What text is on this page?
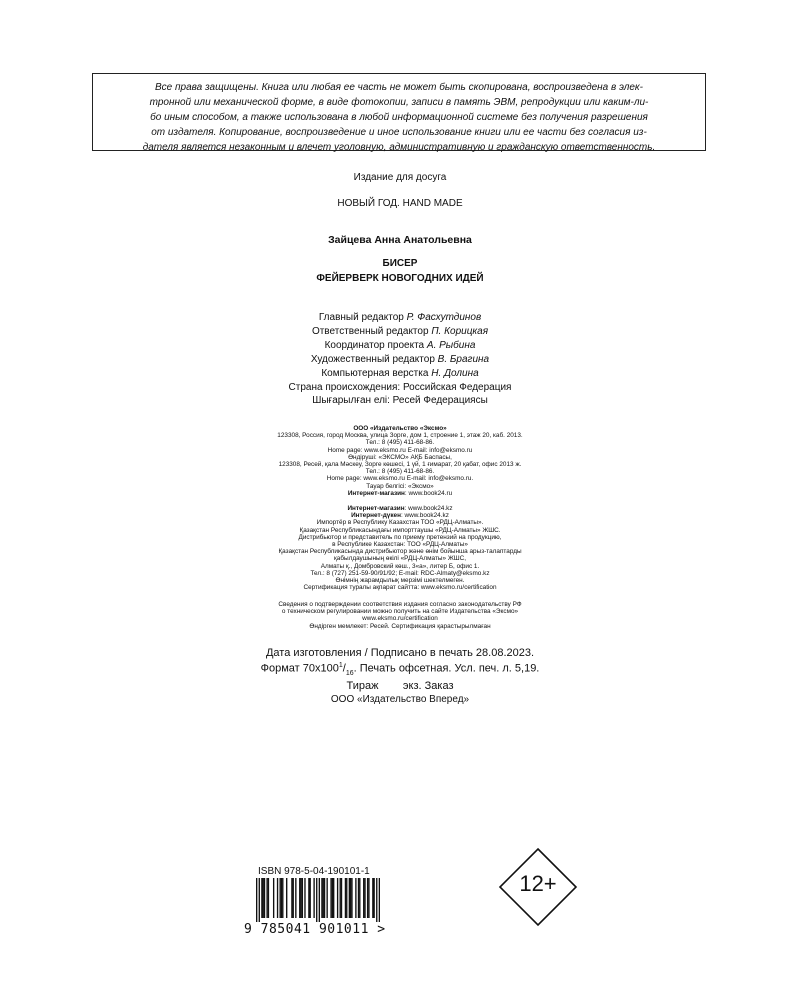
Все права защищены. Книга или любая ее часть не может быть скопирована, воспроизведена в элек-

тронной или механической форме, в виде фотокопии, записи в память ЭВМ, репродукции или каким-ли-

бо иным способом, а также использована в любой информационной системе без получения разрешения

от издателя. Копирование, воспроизведение и иное использование книги или ее части без согласия из-

дателя является незаконным и влечет уголовную, административную и гражданскую ответственность.

Издание для досуга
НОВЫЙ ГОД. HAND MADE
Зайцева Анна Анатольевна
БИСЕР
ФЕЙЕРВЕРК НОВОГОДНИХ ИДЕЙ
Главный редактор Р. Фасхутдинов
Ответственный редактор П. Корицкая
Координатор проекта А. Рыбина
Художественный редактор В. Брагина
Компьютерная верстка Н. Долина
Страна происхождения: Российская Федерация
Шығарылған елі: Ресей Федерациясы
ООО «Издательство «Эксмо»
123308, Россия, город Москва, улица Зорге, дом 1, строение 1, этаж 20, каб. 2013.
Тел.: 8 (495) 411-68-86.
Home page: www.eksmo.ru E-mail: info@eksmo.ru
Өндіруші: «ЭКСМО» АҚБ Баспасы,
123308, Ресей, қала Мәскеу, Зорге көшесі, 1 үй, 1 ғимарат, 20 қабат, офис 2013 ж.
Тел.: 8 (495) 411-68-86.
Home page: www.eksmo.ru E-mail: info@eksmo.ru.
Тауар белгісі: «Эксмо»
Интернет-магазин: www.book24.ru
Интернет-магазин: www.book24.kz
Интернет-дүкен: www.book24.kz
Импортёр в Республику Казахстан ТОО «РДЦ-Алматы».
Қазақстан Республикасындағы импорттаушы «РДЦ-Алматы» ЖШС.
Дистрибьютор и представитель по приему претензий на продукцию,
в Республике Казахстан: ТОО «РДЦ-Алматы»
Қазақстан Республикасында дистрибьютор және өнім бойынша арыз-талаптарды
қабылдаушының өкілі «РДЦ-Алматы» ЖШС,
Алматы қ., Домбровский көш., 3«а», литер Б, офис 1.
Тел.: 8 (727) 251-59-90/91/92; E-mail: RDC-Almaty@eksmo.kz
Өнімнің жарамдылық мерзімі шектелмеген.
Сертификация туралы ақпарат сайтта: www.eksmo.ru/certification
Сведения о подтверждении соответствия издания согласно законодательству РФ
о техническом регулировании можно получить на сайте Издательства «Эксмо»
www.eksmo.ru/certification
Өндірген мемлекет: Ресей. Сертификация қарастырылмаған
Дата изготовления / Подписано в печать 28.08.2023.
Формат $70x100^1/_{16}$. Печать офсетная. Усл. печ. л. 5,19.
Тираж        экз. Заказ
ООО «Издательство Вперед»
ISBN 978-5-04-190101-1
9 785041 901011 >
12+
